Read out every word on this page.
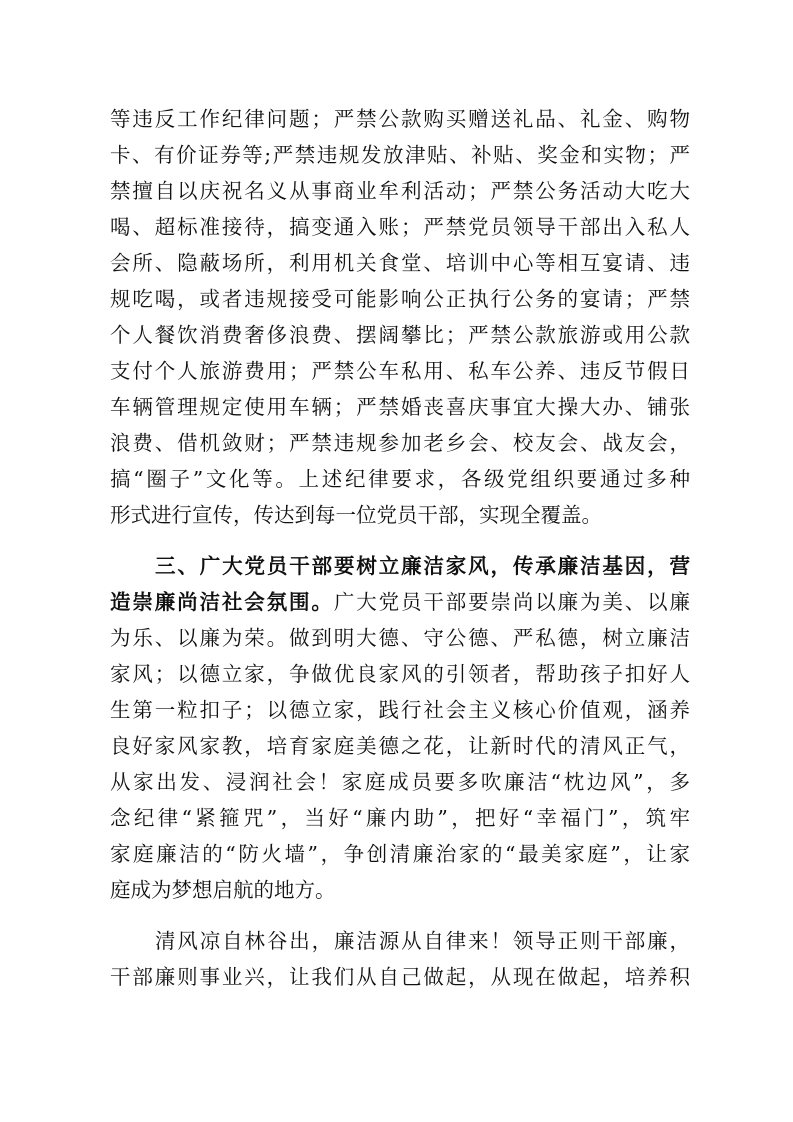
等违反工作纪律问题；严禁公款购买赠送礼品、礼金、购物
卡、有价证券等;严禁违规发放津贴、补贴、奖金和实物；严
禁擅自以庆祝名义从事商业牟利活动；严禁公务活动大吃大
喝、超标准接待，搞变通入账；严禁党员领导干部出入私人
会所、隐蔽场所，利用机关食堂、培训中心等相互宴请、违
规吃喝，或者违规接受可能影响公正执行公务的宴请；严禁
个人餐饮消费奢侈浪费、摆阔攀比；严禁公款旅游或用公款
支付个人旅游费用；严禁公车私用、私车公养、违反节假日
车辆管理规定使用车辆；严禁婚丧喜庆事宜大操大办、铺张
浪费、借机敛财；严禁违规参加老乡会、校友会、战友会，
搞“圈子”文化等。上述纪律要求，各级党组织要通过多种
形式进行宣传，传达到每一位党员干部，实现全覆盖。
三、广大党员干部要树立廉洁家风，传承廉洁基因，营
造崇廉尚洁社会氛围。广大党员干部要崇尚以廉为美、以廉
为乐、以廉为荣。做到明大德、守公德、严私德，树立廉洁
家风；以德立家，争做优良家风的引领者，帮助孩子扣好人
生第一粒扣子；以德立家，践行社会主义核心价值观，涵养
良好家风家教，培育家庭美德之花，让新时代的清风正气，
从家出发、浸润社会！家庭成员要多吹廉洁“枕边风”，多
念纪律“紧箍咒”，当好“廉内助”，把好“幸福门”，筑牢
家庭廉洁的“防火墙”，争创清廉治家的“最美家庭”，让家
庭成为梦想启航的地方。
清风凉自林谷出，廉洁源从自律来！领导正则干部廉，
干部廉则事业兴，让我们从自己做起，从现在做起，培养积
